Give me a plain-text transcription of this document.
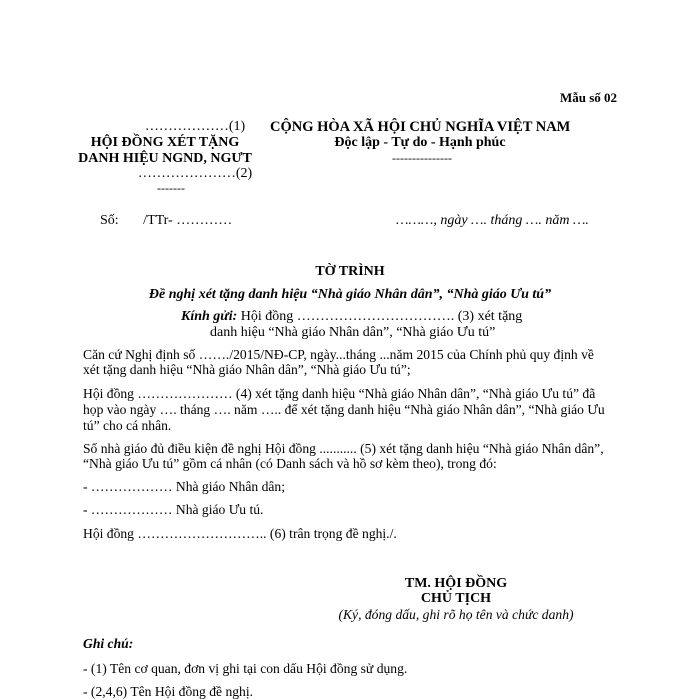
Mẫu số 02
………………(1)
HỘI ĐỒNG XÉT TẶNG
DANH HIỆU NGND, NGƯT
…………………(2)
-------
CỘNG HÒA XÃ HỘI CHỦ NGHĨA VIỆT NAM
Độc lập - Tự do - Hạnh phúc
---------------
Số:       /TTr- …………	………, ngày …. tháng …. năm ….
TỜ TRÌNH
Đề nghị xét tặng danh hiệu “Nhà giáo Nhân dân”, “Nhà giáo Ưu tú”
Kính gửi: Hội đồng ……………………………. (3) xét tặng
danh hiệu “Nhà giáo Nhân dân”, “Nhà giáo Ưu tú”

Căn cứ Nghị định số ……./2015/NĐ-CP, ngày...tháng ...năm 2015 của Chính phủ quy định về

xét tặng danh hiệu “Nhà giáo Nhân dân”, “Nhà giáo Ưu tú”;

Hội đồng ………………… (4) xét tặng danh hiệu “Nhà giáo Nhân dân”, “Nhà giáo Ưu tú” đã

họp vào ngày …. tháng …. năm ….. để xét tặng danh hiệu “Nhà giáo Nhân dân”, “Nhà giáo Ưu

tú” cho cá nhân.

Số nhà giáo đủ điều kiện đề nghị Hội đồng ........... (5) xét tặng danh hiệu “Nhà giáo Nhân dân”,

“Nhà giáo Ưu tú” gồm cá nhân (có Danh sách và hồ sơ kèm theo), trong đó:

- ……………… Nhà giáo Nhân dân;

- ……………… Nhà giáo Ưu tú.

Hội đồng ……………………….. (6) trân trọng đề nghị./.

TM. HỘI ĐỒNG
CHỦ TỊCH
(Ký, đóng dấu, ghi rõ họ tên và chức danh)
Ghi chú:
- (1) Tên cơ quan, đơn vị ghi tại con dấu Hội đồng sử dụng.
- (2,4,6) Tên Hội đồng đề nghị.
